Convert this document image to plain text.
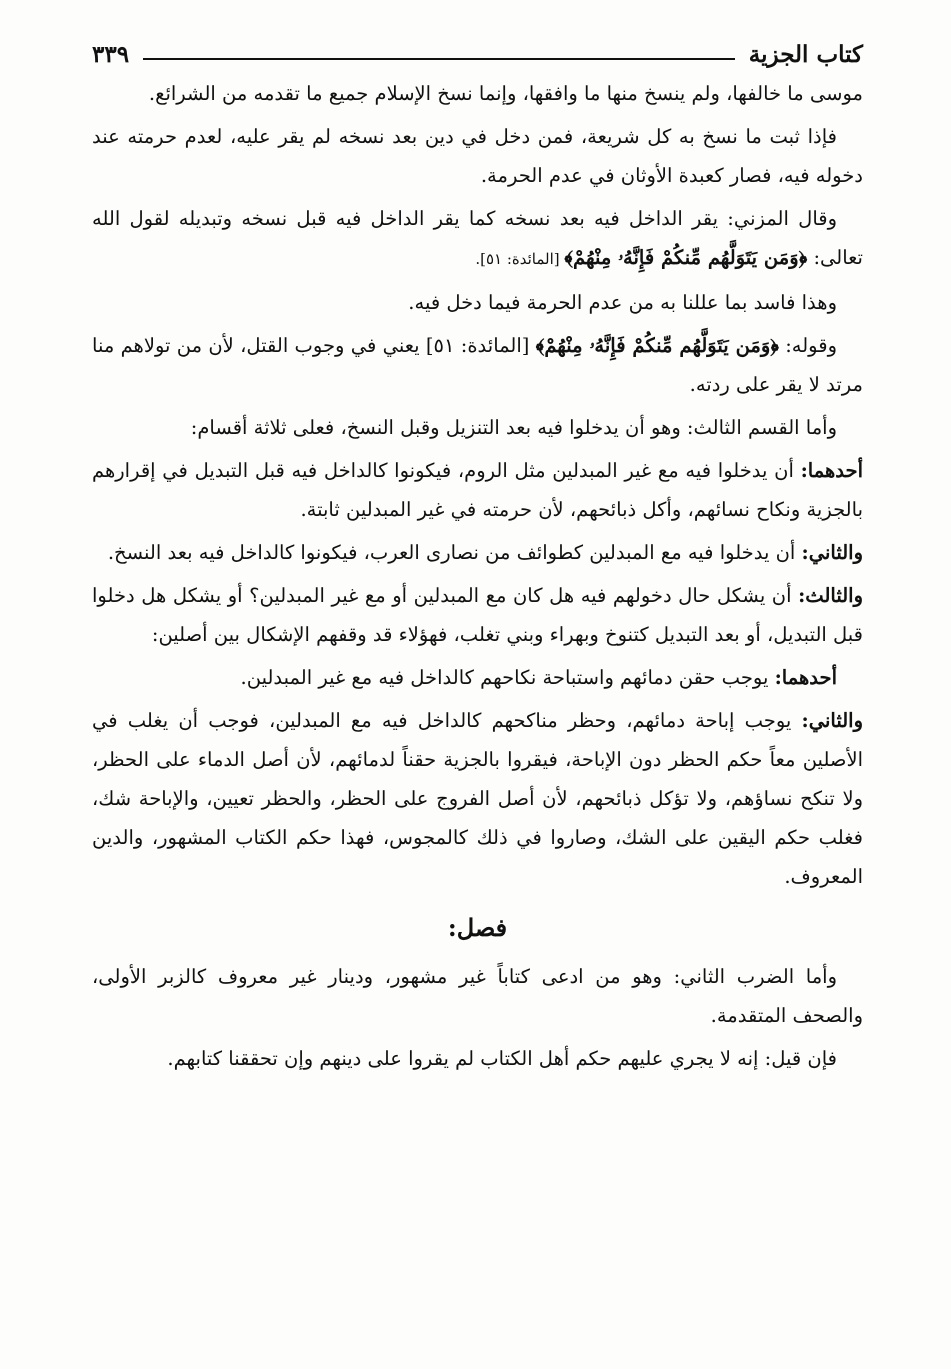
كتاب الجزية
٣٣٩

موسى ما خالفها، ولم ينسخ منها ما وافقها، وإنما نسخ الإسلام جميع ما تقدمه من الشرائع.

فإذا ثبت ما نسخ به كل شريعة، فمن دخل في دين بعد نسخه لم يقر عليه، لعدم حرمته عند دخوله فيه، فصار كعبدة الأوثان في عدم الحرمة.

وقال المزني: يقر الداخل فيه بعد نسخه كما يقر الداخل فيه قبل نسخه وتبديله لقول الله تعالى: ﴿وَمَن يَتَوَلَّهُم مِّنكُمْ فَإِنَّهُۥ مِنْهُمْ﴾ [المائدة: ٥١].

وهذا فاسد بما عللنا به من عدم الحرمة فيما دخل فيه.

وقوله: ﴿وَمَن يَتَوَلَّهُم مِّنكُمْ فَإِنَّهُۥ مِنْهُمْ﴾ [المائدة: ٥١] يعني في وجوب القتل، لأن من تولاهم منا مرتد لا يقر على ردته.

وأما القسم الثالث: وهو أن يدخلوا فيه بعد التنزيل وقبل النسخ، فعلى ثلاثة أقسام:

أحدهما: أن يدخلوا فيه مع غير المبدلين مثل الروم، فيكونوا كالداخل فيه قبل التبديل في إقرارهم بالجزية ونكاح نسائهم، وأكل ذبائحهم، لأن حرمته في غير المبدلين ثابتة.

والثاني: أن يدخلوا فيه مع المبدلين كطوائف من نصارى العرب، فيكونوا كالداخل فيه بعد النسخ.

والثالث: أن يشكل حال دخولهم فيه هل كان مع المبدلين أو مع غير المبدلين؟ أو يشكل هل دخلوا قبل التبديل، أو بعد التبديل كتنوخ وبهراء وبني تغلب، فهؤلاء قد وقفهم الإشكال بين أصلين:

أحدهما: يوجب حقن دمائهم واستباحة نكاحهم كالداخل فيه مع غير المبدلين.

والثاني: يوجب إباحة دمائهم، وحظر مناكحهم كالداخل فيه مع المبدلين، فوجب أن يغلب في الأصلين معاً حكم الحظر دون الإباحة، فيقروا بالجزية حقناً لدمائهم، لأن أصل الدماء على الحظر، ولا تنكح نساؤهم، ولا تؤكل ذبائحهم، لأن أصل الفروج على الحظر، والحظر تعيين، والإباحة شك، فغلب حكم اليقين على الشك، وصاروا في ذلك كالمجوس، فهذا حكم الكتاب المشهور، والدين المعروف.

فصل:

وأما الضرب الثاني: وهو من ادعى كتاباً غير مشهور، ودينار غير معروف كالزبر الأولى، والصحف المتقدمة.

فإن قيل: إنه لا يجري عليهم حكم أهل الكتاب لم يقروا على دينهم وإن تحققنا كتابهم.
